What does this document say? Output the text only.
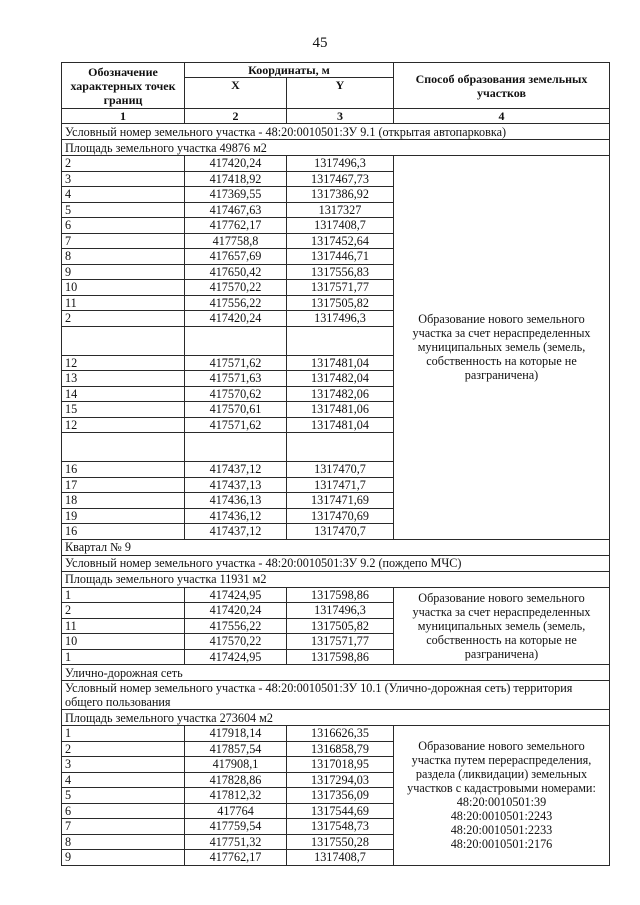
45
Обозначение характерных точек границ	Координаты, м		Способ образования земельных участков
	X	Y	
1	2	3	4
Условный номер земельного участка - 48:20:0010501:ЗУ 9.1 (открытая автопарковка)			
Площадь земельного участка 49876 м2			
2	417420,24	1317496,3	Образование нового земельного
участка за счет нераспределенных
муниципальных земель (земель,
собственность на которые не
разграничена)

3	417418,92	1317467,73	
4	417369,55	1317386,92	
5	417467,63	1317327	
6	417762,17	1317408,7	
7	417758,8	1317452,64	
8	417657,69	1317446,71	
9	417650,42	1317556,83	
10	417570,22	1317571,77	
11	417556,22	1317505,82	
2	417420,24	1317496,3	

12	417571,62	1317481,04	
13	417571,63	1317482,04	
14	417570,62	1317482,06	
15	417570,61	1317481,06	
12	417571,62	1317481,04	

16	417437,12	1317470,7	
17	417437,13	1317471,7	
18	417436,13	1317471,69	
19	417436,12	1317470,69	
16	417437,12	1317470,7	
Квартал № 9			
Условный номер земельного участка - 48:20:0010501:ЗУ 9.2 (пождепо МЧС)			
Площадь земельного участка 11931 м2			
1	417424,95	1317598,86	Образование нового земельного
участка за счет нераспределенных
муниципальных земель (земель,
собственность на которые не
разграничена)

2	417420,24	1317496,3	
11	417556,22	1317505,82	
10	417570,22	1317571,77	
1	417424,95	1317598,86	
Улично-дорожная сеть			
Условный номер земельного участка - 48:20:0010501:ЗУ 10.1 (Улично-дорожная сеть) территория общего пользования			
Площадь земельного участка 273604 м2			
1	417918,14	1316626,35	
Образование нового земельного
участка путем перераспределения,
раздела (ликвидации) земельных
участков с кадастровыми номерами:
48:20:0010501:39
48:20:0010501:2243
48:20:0010501:2233
48:20:0010501:2176

2	417857,54	1316858,79	
3	417908,1	1317018,95	
4	417828,86	1317294,03	
5	417812,32	1317356,09	
6	417764	1317544,69	
7	417759,54	1317548,73	
8	417751,32	1317550,28	
9	417762,17	1317408,7	
